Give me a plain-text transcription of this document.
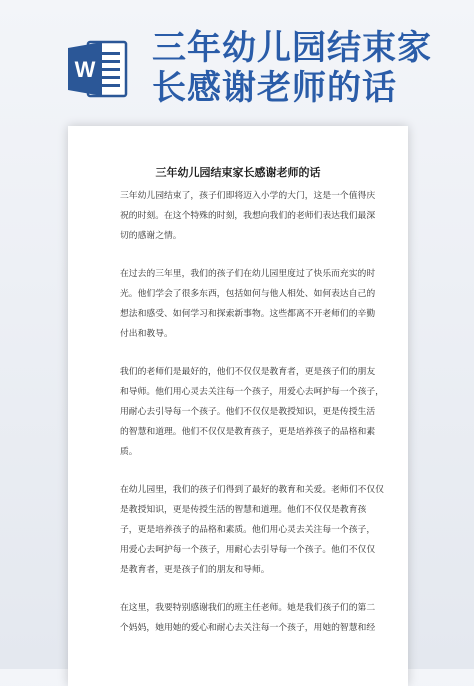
W
三年幼儿园结束家
长感谢老师的话
三年幼儿园结束家长感谢老师的话

三年幼儿园结束了，孩子们即将迈入小学的大门，这是一个值得庆
祝的时刻。在这个特殊的时刻，我想向我们的老师们表达我们最深
切的感谢之情。

在过去的三年里，我们的孩子们在幼儿园里度过了快乐而充实的时
光。他们学会了很多东西，包括如何与他人相处、如何表达自己的
想法和感受、如何学习和探索新事物。这些都离不开老师们的辛勤
付出和教导。

我们的老师们是最好的，他们不仅仅是教育者，更是孩子们的朋友
和导师。他们用心灵去关注每一个孩子，用爱心去呵护每一个孩子，
用耐心去引导每一个孩子。他们不仅仅是教授知识，更是传授生活
的智慧和道理。他们不仅仅是教育孩子，更是培养孩子的品格和素
质。

在幼儿园里，我们的孩子们得到了最好的教育和关爱。老师们不仅仅
是教授知识，更是传授生活的智慧和道理。他们不仅仅是教育孩
子，更是培养孩子的品格和素质。他们用心灵去关注每一个孩子，
用爱心去呵护每一个孩子，用耐心去引导每一个孩子。他们不仅仅
是教育者，更是孩子们的朋友和导师。

在这里，我要特别感谢我们的班主任老师。她是我们孩子们的第二
个妈妈，她用她的爱心和耐心去关注每一个孩子，用她的智慧和经
